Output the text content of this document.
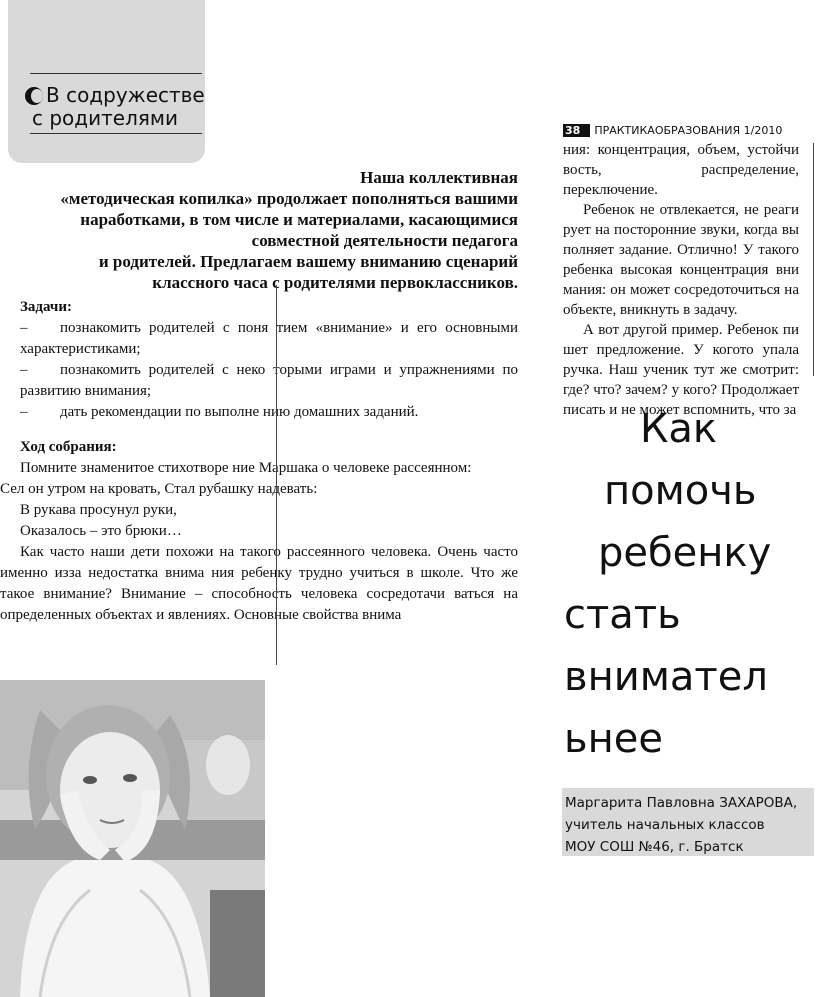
В содружестве
с родителями
38 ПРАКТИКАОБРАЗОВАНИЯ 1/2010

Наша коллективная

«методическая копилка» продолжает пополняться вашими

наработками, в том числе и материалами, касающимися

совместной деятельности педагога

и родителей. Предлагаем вашему вниманию сценарий

классного часа с родителями первоклассников.

Задачи:

– познакомить родителей с поня тием «внимание» и его основными характеристиками;

– познакомить родителей с неко торыми играми и упражнениями по развитию внимания;

– дать рекомендации по выполне нию домашних заданий.

Ход собрания:

Помните знаменитое стихотворе ние Маршака о человеке рассеянном:

Сел он утром на кровать, Стал рубашку надевать:

В рукава просунул руки,

Оказалось – это брюки…

Как часто наши дети похожи на такого рассеянного человека. Очень часто именно изза недостатка внима ния ребенку трудно учиться в школе. Что же такое внимание? Внимание – способность человека сосредотачи ваться на определенных объектах и явлениях. Основные свойства внима

ния: концентрация, объем, устойчи вость, распределение, переключение.

Ребенок не отвлекается, не реаги рует на посторонние звуки, когда вы полняет задание. Отлично! У такого ребенка высокая концентрация вни мания: он может сосредоточиться на объекте, вникнуть в задачу.

А вот другой пример. Ребенок пи шет предложение. У когото упала ручка. Наш ученик тут же смотрит: где? что? зачем? у кого? Продолжает писать и не может вспомнить, что за

Как
помочь
ребенку
стать
внимател
ьнее
Маргарита Павловна ЗАХАРОВА,
учитель начальных классов
МОУ СОШ №46, г. Братск
